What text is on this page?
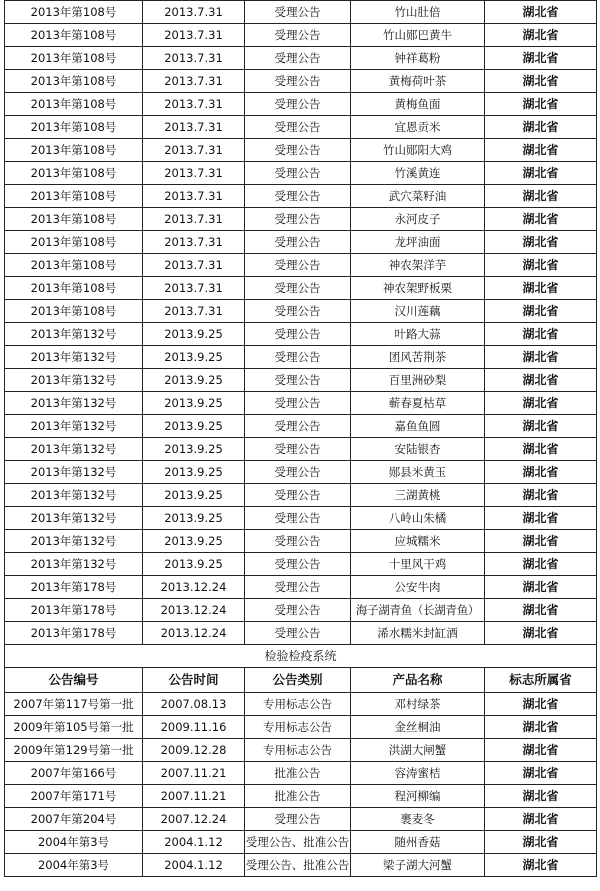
2013年第108号	2013.7.31	受理公告	竹山肚倍	湖北省
2013年第108号	2013.7.31	受理公告	竹山郧巴黄牛	湖北省
2013年第108号	2013.7.31	受理公告	钟祥葛粉	湖北省
2013年第108号	2013.7.31	受理公告	黄梅荷叶茶	湖北省
2013年第108号	2013.7.31	受理公告	黄梅鱼面	湖北省
2013年第108号	2013.7.31	受理公告	宜恩贡米	湖北省
2013年第108号	2013.7.31	受理公告	竹山郧阳大鸡	湖北省
2013年第108号	2013.7.31	受理公告	竹溪黄连	湖北省
2013年第108号	2013.7.31	受理公告	武穴菜籽油	湖北省
2013年第108号	2013.7.31	受理公告	永河皮子	湖北省
2013年第108号	2013.7.31	受理公告	龙坪油面	湖北省
2013年第108号	2013.7.31	受理公告	神农架洋芋	湖北省
2013年第108号	2013.7.31	受理公告	神农架野板栗	湖北省
2013年第108号	2013.7.31	受理公告	汉川莲藕	湖北省
2013年第132号	2013.9.25	受理公告	叶路大蒜	湖北省
2013年第132号	2013.9.25	受理公告	团风苦荆茶	湖北省
2013年第132号	2013.9.25	受理公告	百里洲砂梨	湖北省
2013年第132号	2013.9.25	受理公告	蕲春夏枯草	湖北省
2013年第132号	2013.9.25	受理公告	嘉鱼鱼圆	湖北省
2013年第132号	2013.9.25	受理公告	安陆银杏	湖北省
2013年第132号	2013.9.25	受理公告	郧县米黄玉	湖北省
2013年第132号	2013.9.25	受理公告	三湖黄桃	湖北省
2013年第132号	2013.9.25	受理公告	八岭山朱橘	湖北省
2013年第132号	2013.9.25	受理公告	应城糯米	湖北省
2013年第132号	2013.9.25	受理公告	十里风干鸡	湖北省
2013年第178号	2013.12.24	受理公告	公安牛肉	湖北省
2013年第178号	2013.12.24	受理公告	海子湖青鱼（长湖青鱼）	湖北省
2013年第178号	2013.12.24	受理公告	浠水糯米封缸酒	湖北省
检验检疫系统				
公告编号	公告时间	公告类别	产品名称	标志所属省
2007年第117号第一批	2007.08.13	专用标志公告	邓村绿茶	湖北省
2009年第105号第一批	2009.11.16	专用标志公告	金丝桐油	湖北省
2009年第129号第一批	2009.12.28	专用标志公告	洪湖大闸蟹	湖北省
2007年第166号	2007.11.21	批准公告	容涛蜜桔	湖北省
2007年第171号	2007.11.21	批准公告	程河柳编	湖北省
2007年第204号	2007.12.24	受理公告	裹麦冬	湖北省
2004年第3号	2004.1.12	受理公告、批准公告	随州香菇	湖北省
2004年第3号	2004.1.12	受理公告、批准公告	梁子湖大河蟹	湖北省
